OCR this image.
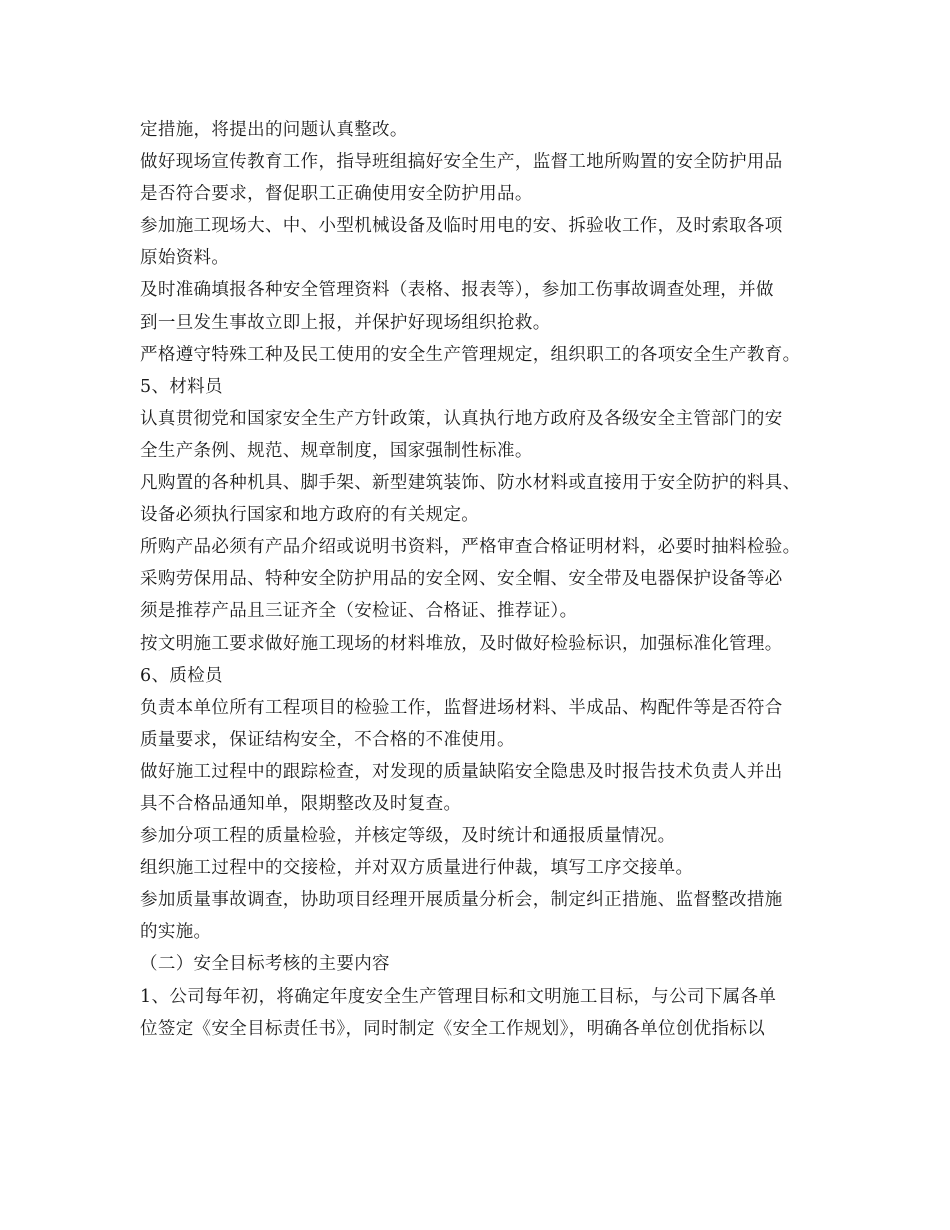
定措施，将提出的问题认真整改。
做好现场宣传教育工作，指导班组搞好安全生产，监督工地所购置的安全防护用品
是否符合要求，督促职工正确使用安全防护用品。
参加施工现场大、中、小型机械设备及临时用电的安、拆验收工作，及时索取各项
原始资料。
及时准确填报各种安全管理资料（表格、报表等），参加工伤事故调查处理，并做
到一旦发生事故立即上报，并保护好现场组织抢救。
严格遵守特殊工种及民工使用的安全生产管理规定，组织职工的各项安全生产教育。
5、材料员
认真贯彻党和国家安全生产方针政策，认真执行地方政府及各级安全主管部门的安
全生产条例、规范、规章制度，国家强制性标准。
凡购置的各种机具、脚手架、新型建筑装饰、防水材料或直接用于安全防护的料具、
设备必须执行国家和地方政府的有关规定。
所购产品必须有产品介绍或说明书资料，严格审查合格证明材料，必要时抽料检验。
采购劳保用品、特种安全防护用品的安全网、安全帽、安全带及电器保护设备等必
须是推荐产品且三证齐全（安检证、合格证、推荐证）。
按文明施工要求做好施工现场的材料堆放，及时做好检验标识，加强标准化管理。
6、质检员
负责本单位所有工程项目的检验工作，监督进场材料、半成品、构配件等是否符合
质量要求，保证结构安全，不合格的不准使用。
做好施工过程中的跟踪检查，对发现的质量缺陷安全隐患及时报告技术负责人并出
具不合格品通知单，限期整改及时复查。
参加分项工程的质量检验，并核定等级，及时统计和通报质量情况。
组织施工过程中的交接检，并对双方质量进行仲裁，填写工序交接单。
参加质量事故调查，协助项目经理开展质量分析会，制定纠正措施、监督整改措施
的实施。
（二）安全目标考核的主要内容
1、公司每年初，将确定年度安全生产管理目标和文明施工目标，与公司下属各单
位签定《安全目标责任书》，同时制定《安全工作规划》，明确各单位创优指标以
